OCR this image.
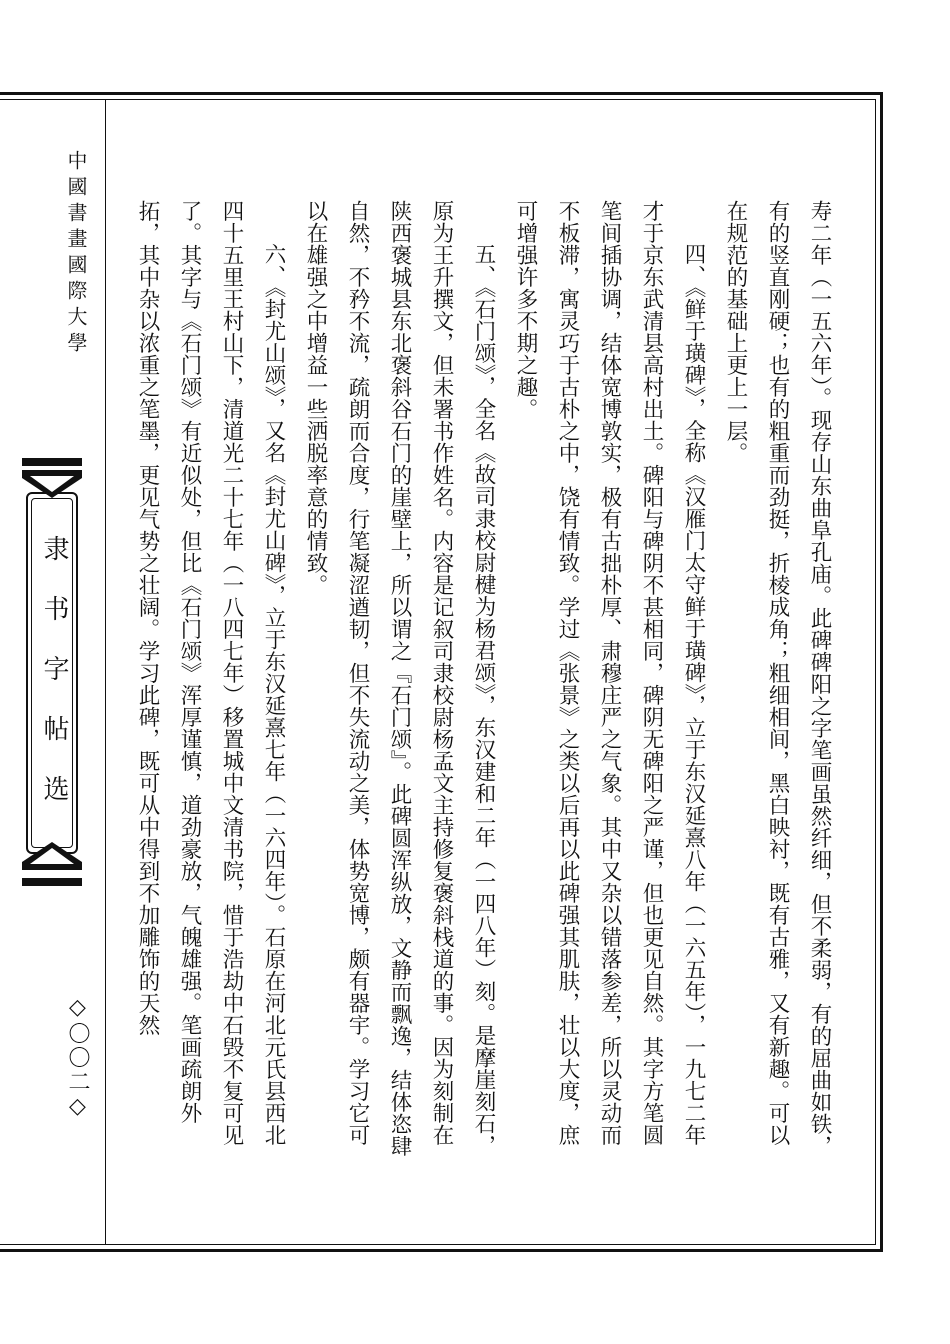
中國書畫國際大學
隶书字帖选
◇〇〇二◇	寿二年（一五六年）。现存山东曲阜孔庙。此碑碑阳之字笔画虽然纤细，但不柔弱，有的屈曲如铁，有的竖直刚硬；也有的粗重而劲挺，折棱成角；粗细相间，黑白映衬，既有古雅，又有新趣。可以在规范的基础上更上一层。

四、《鲜于璜碑》，全称《汉雁门太守鲜于璜碑》，立于东汉延熹八年（一六五年），一九七二年才于京东武清县高村出土。碑阳与碑阴不甚相同，碑阴无碑阳之严谨，但也更见自然。其字方笔圆笔间插协调，结体宽博敦实，极有古拙朴厚、肃穆庄严之气象。其中又杂以错落参差，所以灵动而不板滞，寓灵巧于古朴之中，饶有情致。学过《张景》之类以后再以此碑强其肌肤，壮以大度，庶可增强许多不期之趣。

五、《石门颂》，全名《故司隶校尉楗为杨君颂》，东汉建和二年（一四八年）刻。是摩崖刻石，原为王升撰文，但未署书作姓名。内容是记叙司隶校尉杨孟文主持修复褒斜栈道的事。因为刻制在陕西褒城县东北褒斜谷石门的崖壁上，所以谓之『石门颂』。此碑圆浑纵放，文静而飘逸，结体恣肆自然，不矜不流，疏朗而合度，行笔凝涩遒韧，但不失流动之美，体势宽博，颇有器宇。学习它可以在雄强之中增益一些洒脱率意的情致。

六、《封尤山颂》，又名《封尤山碑》，立于东汉延熹七年（一六四年）。石原在河北元氏县西北四十五里王村山下，清道光二十七年（一八四七年）移置城中文清书院，惜于浩劫中石毁不复可见了。其字与《石门颂》有近似处，但比《石门颂》浑厚谨慎，道劲豪放，气魄雄强。笔画疏朗外拓，其中杂以浓重之笔墨，更见气势之壮阔。学习此碑，既可从中得到不加雕饰的天然
